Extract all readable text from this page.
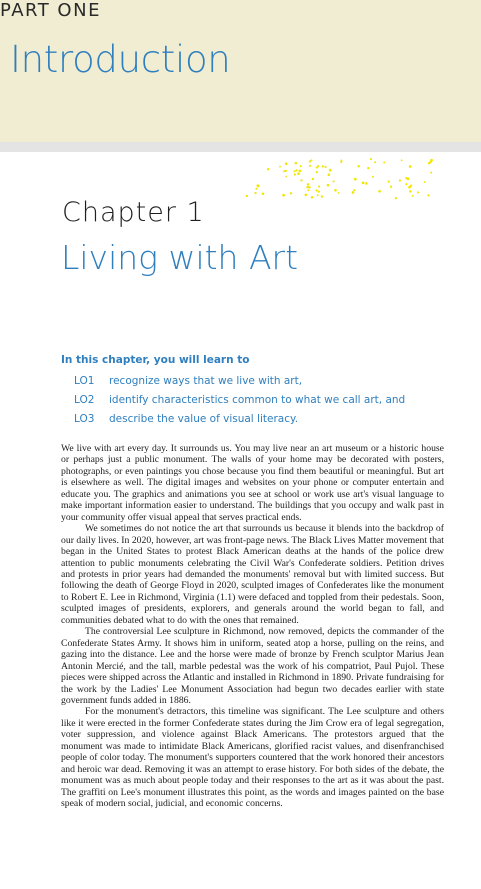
PART ONE
Introduction
Chapter 1
Living with Art
In this chapter, you will learn to
LO1	recognize ways that we live with art,
LO2	identify characteristics common to what we call art, and
LO3	describe the value of visual literacy.

We live with art every day. It surrounds us. You may live near an art museum or a historic house or perhaps just a public monument. The walls of your home may be decorated with posters, photographs, or even paintings you chose because you find them beautiful or meaningful. But art is elsewhere as well. The digital images and websites on your phone or computer entertain and educate you. The graphics and animations you see at school or work use art's visual language to make important information easier to understand. The buildings that you occupy and walk past in your community offer visual appeal that serves practical ends.

We sometimes do not notice the art that surrounds us because it blends into the backdrop of our daily lives. In 2020, however, art was front-page news. The Black Lives Matter movement that began in the United States to protest Black American deaths at the hands of the police drew attention to public monuments celebrating the Civil War's Confederate soldiers. Petition drives and protests in prior years had demanded the monuments' removal but with limited success. But following the death of George Floyd in 2020, sculpted images of Confederates like the monument to Robert E. Lee in Richmond, Virginia (1.1) were defaced and toppled from their pedestals. Soon, sculpted images of presidents, explorers, and generals around the world began to fall, and communities debated what to do with the ones that remained.

The controversial Lee sculpture in Richmond, now removed, depicts the commander of the Confederate States Army. It shows him in uniform, seated atop a horse, pulling on the reins, and gazing into the distance. Lee and the horse were made of bronze by French sculptor Marius Jean Antonin Mercié, and the tall, marble pedestal was the work of his compatriot, Paul Pujol. These pieces were shipped across the Atlantic and installed in Richmond in 1890. Private fundraising for the work by the Ladies' Lee Monument Association had begun two decades earlier with state government funds added in 1886.

For the monument's detractors, this timeline was significant. The Lee sculpture and others like it were erected in the former Confederate states during the Jim Crow era of legal segregation, voter suppression, and violence against Black Americans. The protestors argued that the monument was made to intimidate Black Americans, glorified racist values, and disenfranchised people of color today. The monument's supporters countered that the work honored their ancestors and heroic war dead. Removing it was an attempt to erase history. For both sides of the debate, the monument was as much about people today and their responses to the art as it was about the past. The graffiti on Lee's monument illustrates this point, as the words and images painted on the base speak of modern social, judicial, and economic concerns.
